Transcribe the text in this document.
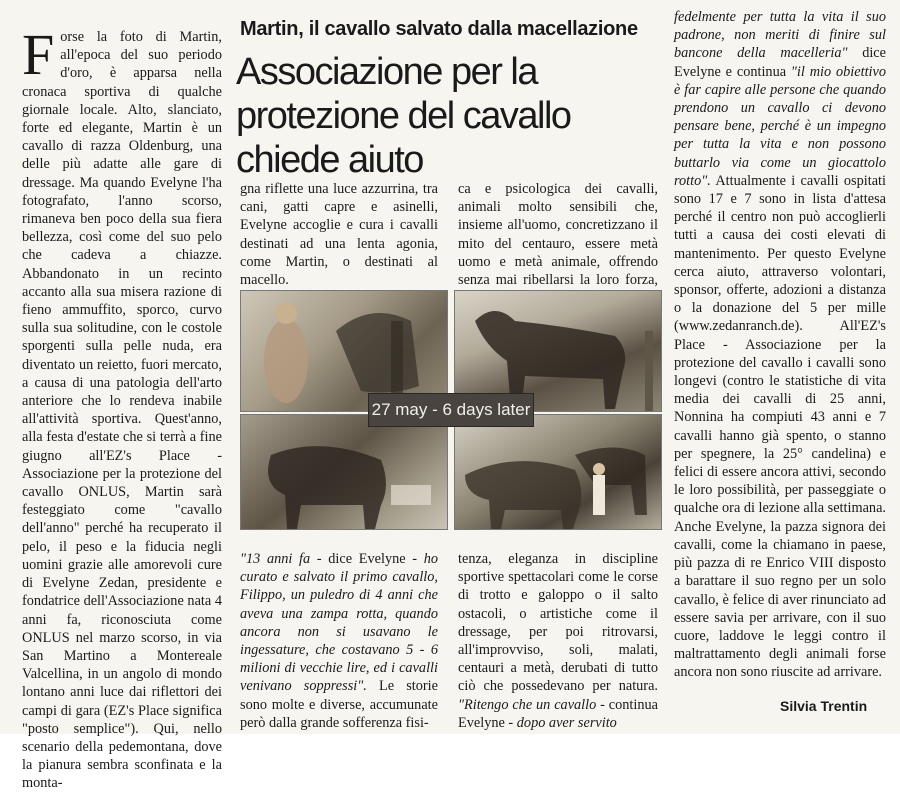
Martin, il cavallo salvato dalla macellazione
Associazione per la protezione del cavallo chiede aiuto
Forse la foto di Martin, all'epoca del suo periodo d'oro, è apparsa nella cronaca sportiva di qualche giornale locale. Alto, slanciato, forte ed elegante, Martin è un cavallo di razza Oldenburg, una delle più adatte alle gare di dressage. Ma quando Evelyne l'ha fotografato, l'anno scorso, rimaneva ben poco della sua fiera bellezza, così come del suo pelo che cadeva a chiazze. Abbandonato in un recinto accanto alla sua misera razione di fieno ammuffito, sporco, curvo sulla sua solitudine, con le costole sporgenti sulla pelle nuda, era diventato un reietto, fuori mercato, a causa di una patologia dell'arto anteriore che lo rendeva inabile all'attività sportiva. Quest'anno, alla festa d'estate che si terrà a fine giugno all'EZ's Place - Associazione per la protezione del cavallo ONLUS, Martin sarà festeggiato come "cavallo dell'anno" perché ha recuperato il pelo, il peso e la fiducia negli uomini grazie alle amorevoli cure di Evelyne Zedan, presidente e fondatrice dell'Associazione nata 4 anni fa, riconosciuta come ONLUS nel marzo scorso, in via San Martino a Montereale Valcellina, in un angolo di mondo lontano anni luce dai riflettori dei campi di gara (EZ's Place significa "posto semplice"). Qui, nello scenario della pedemontana, dove la pianura sembra sconfinata e la monta-
gna riflette una luce azzurrina, tra cani, gatti capre e asinelli, Evelyne accoglie e cura i cavalli destinati ad una lenta agonia, come Martin, o destinati al macello.
ca e psicologica dei cavalli, animali molto sensibili che, insieme all'uomo, concretizzano il mito del centauro, essere metà uomo e metà animale, offrendo senza mai ribellarsi la loro forza,
27 may - 6 days later
"13 anni fa - dice Evelyne - ho curato e salvato il primo cavallo, Filippo, un puledro di 4 anni che aveva una zampa rotta, quando ancora non si usavano le ingessature, che costavano 5 - 6 milioni di vecchie lire, ed i cavalli venivano soppressi". Le storie sono molte e diverse, accumunate però dalla grande sofferenza fisi-
tenza, eleganza in discipline sportive spettacolari come le corse di trotto e galoppo o il salto ostacoli, o artistiche come il dressage, per poi ritrovarsi, all'improvviso, soli, malati, centauri a metà, derubati di tutto ciò che possedevano per natura. "Ritengo che un cavallo - continua Evelyne - dopo aver servito
fedelmente per tutta la vita il suo padrone, non meriti di finire sul bancone della macelleria" dice Evelyne e continua "il mio obiettivo è far capire alle persone che quando prendono un cavallo ci devono pensare bene, perché è un impegno per tutta la vita e non possono buttarlo via come un giocattolo rotto". Attualmente i cavalli ospitati sono 17 e 7 sono in lista d'attesa perché il centro non può accoglierli tutti a causa dei costi elevati di mantenimento. Per questo Evelyne cerca aiuto, attraverso volontari, sponsor, offerte, adozioni a distanza o la donazione del 5 per mille (www.zedanranch.de). All'EZ's Place - Associazione per la protezione del cavallo i cavalli sono longevi (contro le statistiche di vita media dei cavalli di 25 anni, Nonnina ha compiuti 43 anni e 7 cavalli hanno già spento, o stanno per spegnere, la 25° candelina) e felici di essere ancora attivi, secondo le loro possibilità, per passeggiate o qualche ora di lezione alla settimana. Anche Evelyne, la pazza signora dei cavalli, come la chiamano in paese, più pazza di re Enrico VIII disposto a barattare il suo regno per un solo cavallo, è felice di aver rinunciato ad essere savia per arrivare, con il suo cuore, laddove le leggi contro il maltrattamento degli animali forse ancora non sono riuscite ad arrivare.
Silvia Trentin
